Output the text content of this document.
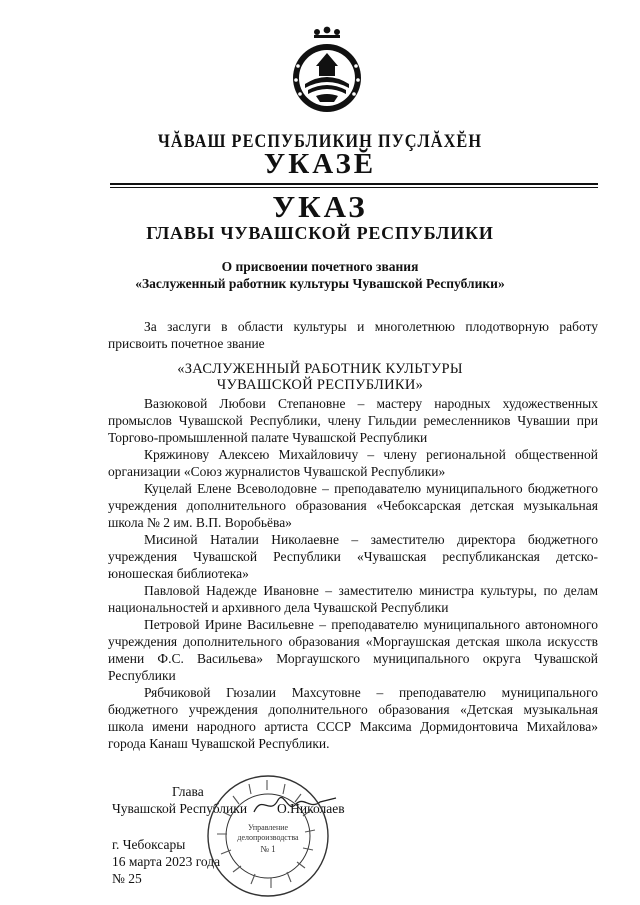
ЧĂВАШ РЕСПУБЛИКИН ПУÇЛĂХĔН
УКАЗĔ
УКАЗ
ГЛАВЫ ЧУВАШСКОЙ РЕСПУБЛИКИ
О присвоении почетного звания
«Заслуженный работник культуры Чувашской Республики»
За заслуги в области культуры и многолетнюю плодотворную работу присвоить почетное звание
«ЗАСЛУЖЕННЫЙ РАБОТНИК КУЛЬТУРЫ
ЧУВАШСКОЙ РЕСПУБЛИКИ»

Вазюковой Любови Степановне – мастеру народных художественных промыслов Чувашской Республики, члену Гильдии ремесленников Чувашии при Торгово-промышленной палате Чувашской Республики

Кряжинову Алексею Михайловичу – члену региональной общественной организации «Союз журналистов Чувашской Республики»

Куцелай Елене Всеволодовне – преподавателю муниципального бюджетного учреждения дополнительного образования «Чебоксарская детская музыкальная школа № 2 им. В.П. Воробьёва»

Мисиной Наталии Николаевне – заместителю директора бюджетного учреждения Чувашской Республики «Чувашская республиканская детско-юношеская библиотека»

Павловой Надежде Ивановне – заместителю министра культуры, по делам национальностей и архивного дела Чувашской Республики

Петровой Ирине Васильевне – преподавателю муниципального автономного учреждения дополнительного образования «Моргаушская детская школа искусств имени Ф.С. Васильева» Моргаушского муниципального округа Чувашской Республики

Рябчиковой Гюзалии Махсутовне – преподавателю муниципального бюджетного учреждения дополнительного образования «Детская музыкальная школа имени народного артиста СССР Максима Дормидонтовича Михайлова» города Канаш Чувашской Республики.

Глава
Чувашской Республики О.Николаев
г. Чебоксары
16 марта 2023 года
№ 25
Управление
делопроизводства
№ 1
